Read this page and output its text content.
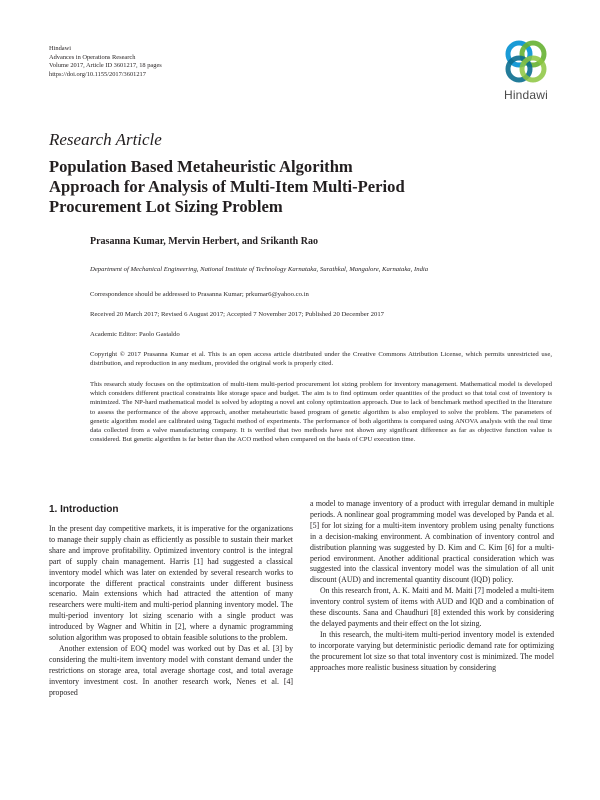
Hindawi
Advances in Operations Research
Volume 2017, Article ID 3601217, 18 pages
https://doi.org/10.1155/2017/3601217
Hindawi
Research Article
Population Based Metaheuristic Algorithm
Approach for Analysis of Multi-Item Multi-Period
Procurement Lot Sizing Problem
Prasanna Kumar, Mervin Herbert, and Srikanth Rao
Department of Mechanical Engineering, National Institute of Technology Karnataka, Surathkal, Mangalore, Karnataka, India
Correspondence should be addressed to Prasanna Kumar; prkumar6@yahoo.co.in
Received 20 March 2017; Revised 6 August 2017; Accepted 7 November 2017; Published 20 December 2017
Academic Editor: Paolo Gastaldo
Copyright © 2017 Prasanna Kumar et al. This is an open access article distributed under the Creative Commons Attribution License, which permits unrestricted use, distribution, and reproduction in any medium, provided the original work is properly cited.
This research study focuses on the optimization of multi-item multi-period procurement lot sizing problem for inventory management. Mathematical model is developed which considers different practical constraints like storage space and budget. The aim is to find optimum order quantities of the product so that total cost of inventory is minimized. The NP-hard mathematical model is solved by adopting a novel ant colony optimization approach. Due to lack of benchmark method specified in the literature to assess the performance of the above approach, another metaheuristic based program of genetic algorithm is also employed to solve the problem. The parameters of genetic algorithm model are calibrated using Taguchi method of experiments. The performance of both algorithms is compared using ANOVA analysis with the real time data collected from a valve manufacturing company. It is verified that two methods have not shown any significant difference as far as objective function value is considered. But genetic algorithm is far better than the ACO method when compared on the basis of CPU execution time.
1. Introduction

In the present day competitive markets, it is imperative for the organizations to manage their supply chain as efficiently as possible to sustain their market share and improve profitability. Optimized inventory control is the integral part of supply chain management. Harris [1] had suggested a classical inventory model which was later on extended by several research works to incorporate the different practical constraints under different business scenario. Main extensions which had attracted the attention of many researchers were multi-item and multi-period planning inventory model. The multi-period inventory lot sizing scenario with a single product was introduced by Wagner and Whitin in [2], where a dynamic programming solution algorithm was proposed to obtain feasible solutions to the problem.

Another extension of EOQ model was worked out by Das et al. [3] by considering the multi-item inventory model with constant demand under the restrictions on storage area, total average shortage cost, and total average inventory investment cost. In another research work, Nenes et al. [4] proposed

a model to manage inventory of a product with irregular demand in multiple periods. A nonlinear goal programming model was developed by Panda et al. [5] for lot sizing for a multi-item inventory problem using penalty functions in a decision-making environment. A combination of inventory control and distribution planning was suggested by D. Kim and C. Kim [6] for a multi-period environment. Another additional practical consideration which was suggested into the classical inventory model was the simulation of all unit discount (AUD) and incremental quantity discount (IQD) policy.

On this research front, A. K. Maiti and M. Maiti [7] modeled a multi-item inventory control system of items with AUD and IQD and a combination of these discounts. Sana and Chaudhuri [8] extended this work by considering the delayed payments and their effect on the lot sizing.

In this research, the multi-item multi-period inventory model is extended to incorporate varying but deterministic periodic demand rate for optimizing the procurement lot size so that total inventory cost is minimized. The model approaches more realistic business situation by considering
